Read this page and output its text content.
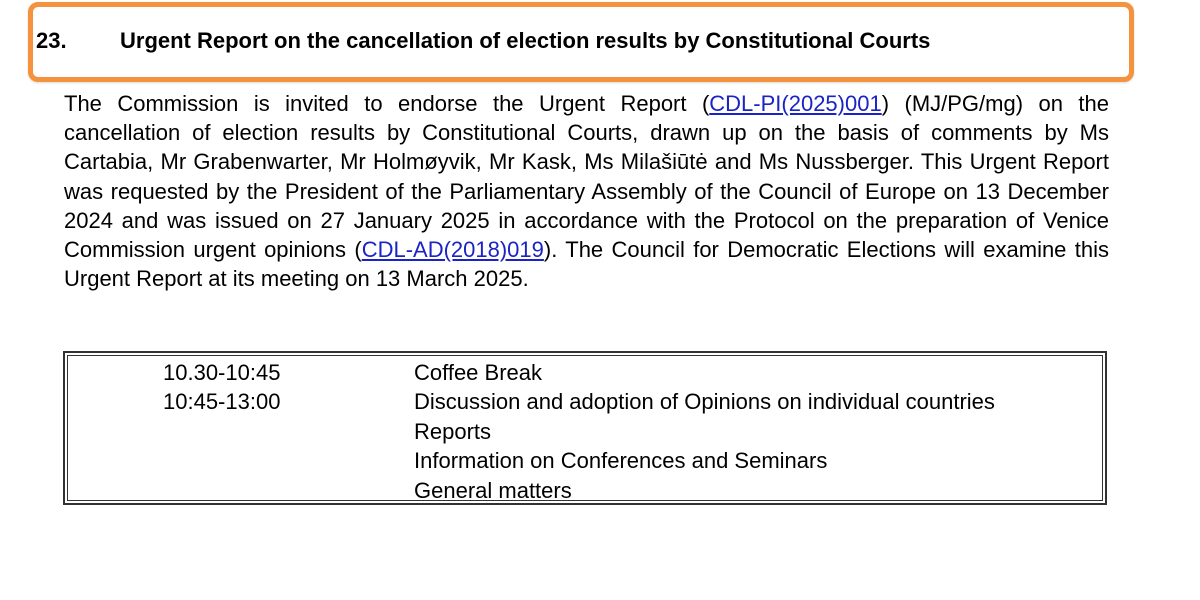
23. Urgent Report on the cancellation of election results by Constitutional Courts
The Commission is invited to endorse the Urgent Report (CDL-PI(2025)001) (MJ/PG/mg) on the cancellation of election results by Constitutional Courts, drawn up on the basis of comments by Ms Cartabia, Mr Grabenwarter, Mr Holmøyvik, Mr Kask, Ms Milašiūtė and Ms Nussberger. This Urgent Report was requested by the President of the Parliamentary Assembly of the Council of Europe on 13 December 2024 and was issued on 27 January 2025 in accordance with the Protocol on the preparation of Venice Commission urgent opinions (CDL-AD(2018)019). The Council for Democratic Elections will examine this Urgent Report at its meeting on 13 March 2025.
10.30-10:45	Coffee Break
10:45-13:00	Discussion and adoption of Opinions on individual countries
Reports
Information on Conferences and Seminars
General matters
